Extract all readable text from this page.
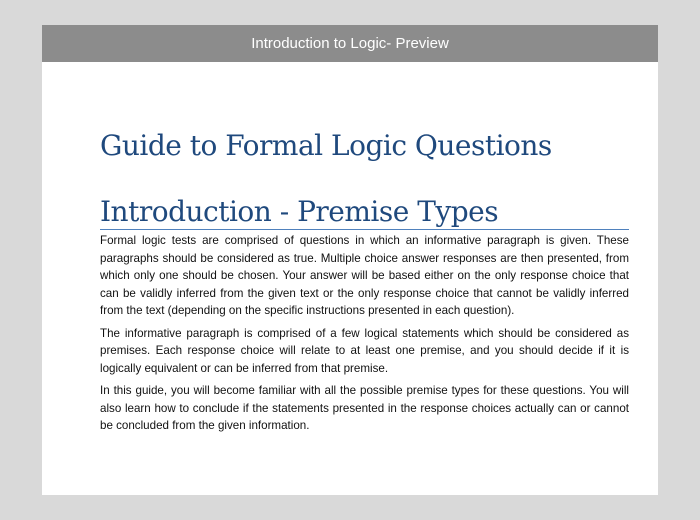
Introduction to Logic- Preview
Guide to Formal Logic Questions
Introduction - Premise Types

Formal logic tests are comprised of questions in which an informative paragraph is given. These paragraphs should be considered as true. Multiple choice answer responses are then presented, from which only one should be chosen. Your answer will be based either on the only response choice that can be validly inferred from the given text or the only response choice that cannot be validly inferred from the text (depending on the specific instructions presented in each question).

The informative paragraph is comprised of a few logical statements which should be considered as premises. Each response choice will relate to at least one premise, and you should decide if it is logically equivalent or can be inferred from that premise.

In this guide, you will become familiar with all the possible premise types for these questions. You will also learn how to conclude if the statements presented in the response choices actually can or cannot be concluded from the given information.
